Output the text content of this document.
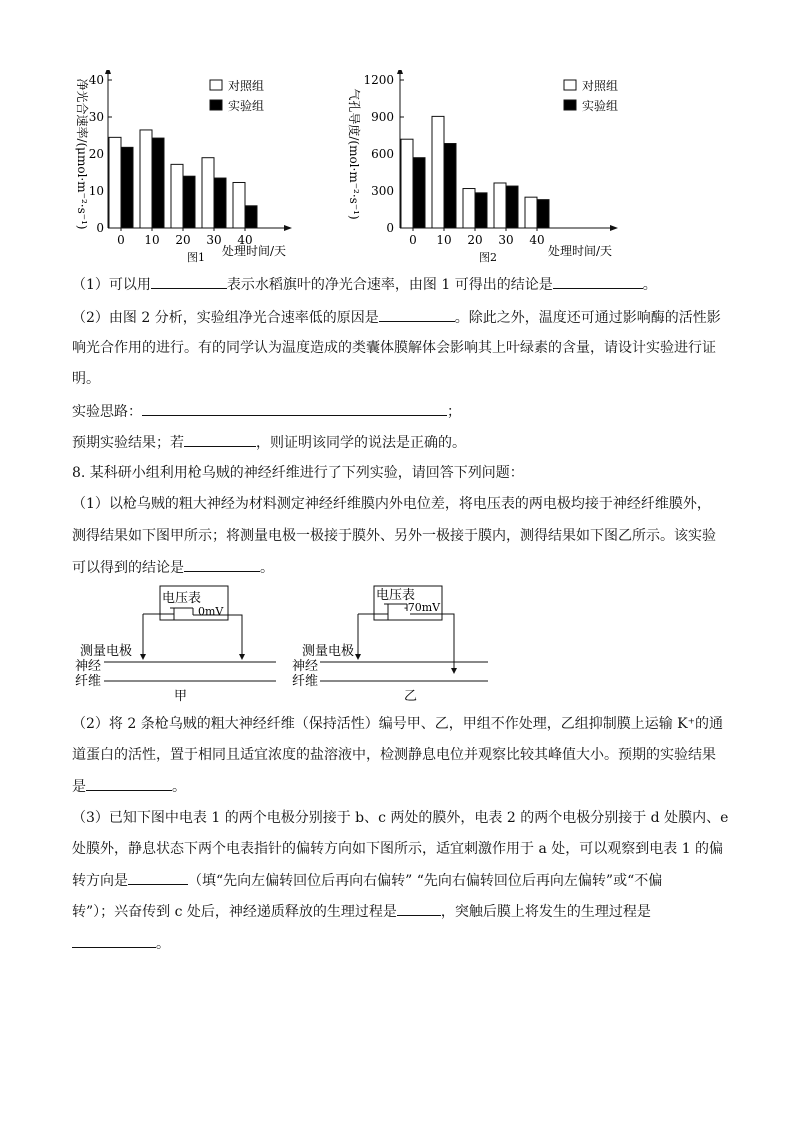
0
10
20
30
40
0 10 20 30 40
处理时间/天
图1
净光合速率/(μmol·m⁻²·s⁻¹)	对照组
实验组
0
300
600
900
1200
0 10 20 30 40
处理时间/天
图2
气孔导度/(mol·m⁻²·s⁻¹)
对照组
实验组
（1）可以用	表示水稻旗叶的净光合速率，由图 1 可得出的结论是	。
（2）由图 2 分析，实验组净光合速率低的原因是	。除此之外，温度还可通过影响酶的活性影
响光合作用的进行。有的同学认为温度造成的类囊体膜解体会影响其上叶绿素的含量，请设计实验进行证
明。
实验思路：	；
预期实验结果；若	，则证明该同学的说法是正确的。
8. 某科研小组利用枪乌贼的神经纤维进行了下列实验，请回答下列问题：
（1）以枪乌贼的粗大神经为材料测定神经纤维膜内外电位差，将电压表的两电极均接于神经纤维膜外，
测得结果如下图甲所示；将测量电极一极接于膜外、另外一极接于膜内，测得结果如下图乙所示。该实验
可以得到的结论是	。
电压表
0mV
测量电极
神经
纤维
甲
电压表
-70mV
测量电极
神经
纤维
乙
（2）将 2 条枪乌贼的粗大神经纤维（保持活性）编号甲、乙，甲组不作处理，乙组抑制膜上运输 K⁺的通
道蛋白的活性，置于相同且适宜浓度的盐溶液中，检测静息电位并观察比较其峰值大小。预期的实验结果
是	。
（3）已知下图中电表 1 的两个电极分别接于 b、c 两处的膜外，电表 2 的两个电极分别接于 d 处膜内、e
处膜外，静息状态下两个电表指针的偏转方向如下图所示，适宜刺激作用于 a 处，可以观察到电表 1 的偏
转方向是	（填“先向左偏转回位后再向右偏转” “先向右偏转回位后再向左偏转”或“不偏
转”）；兴奋传到 c 处后，神经递质释放的生理过程是	，突触后膜上将发生的生理过程是
。
